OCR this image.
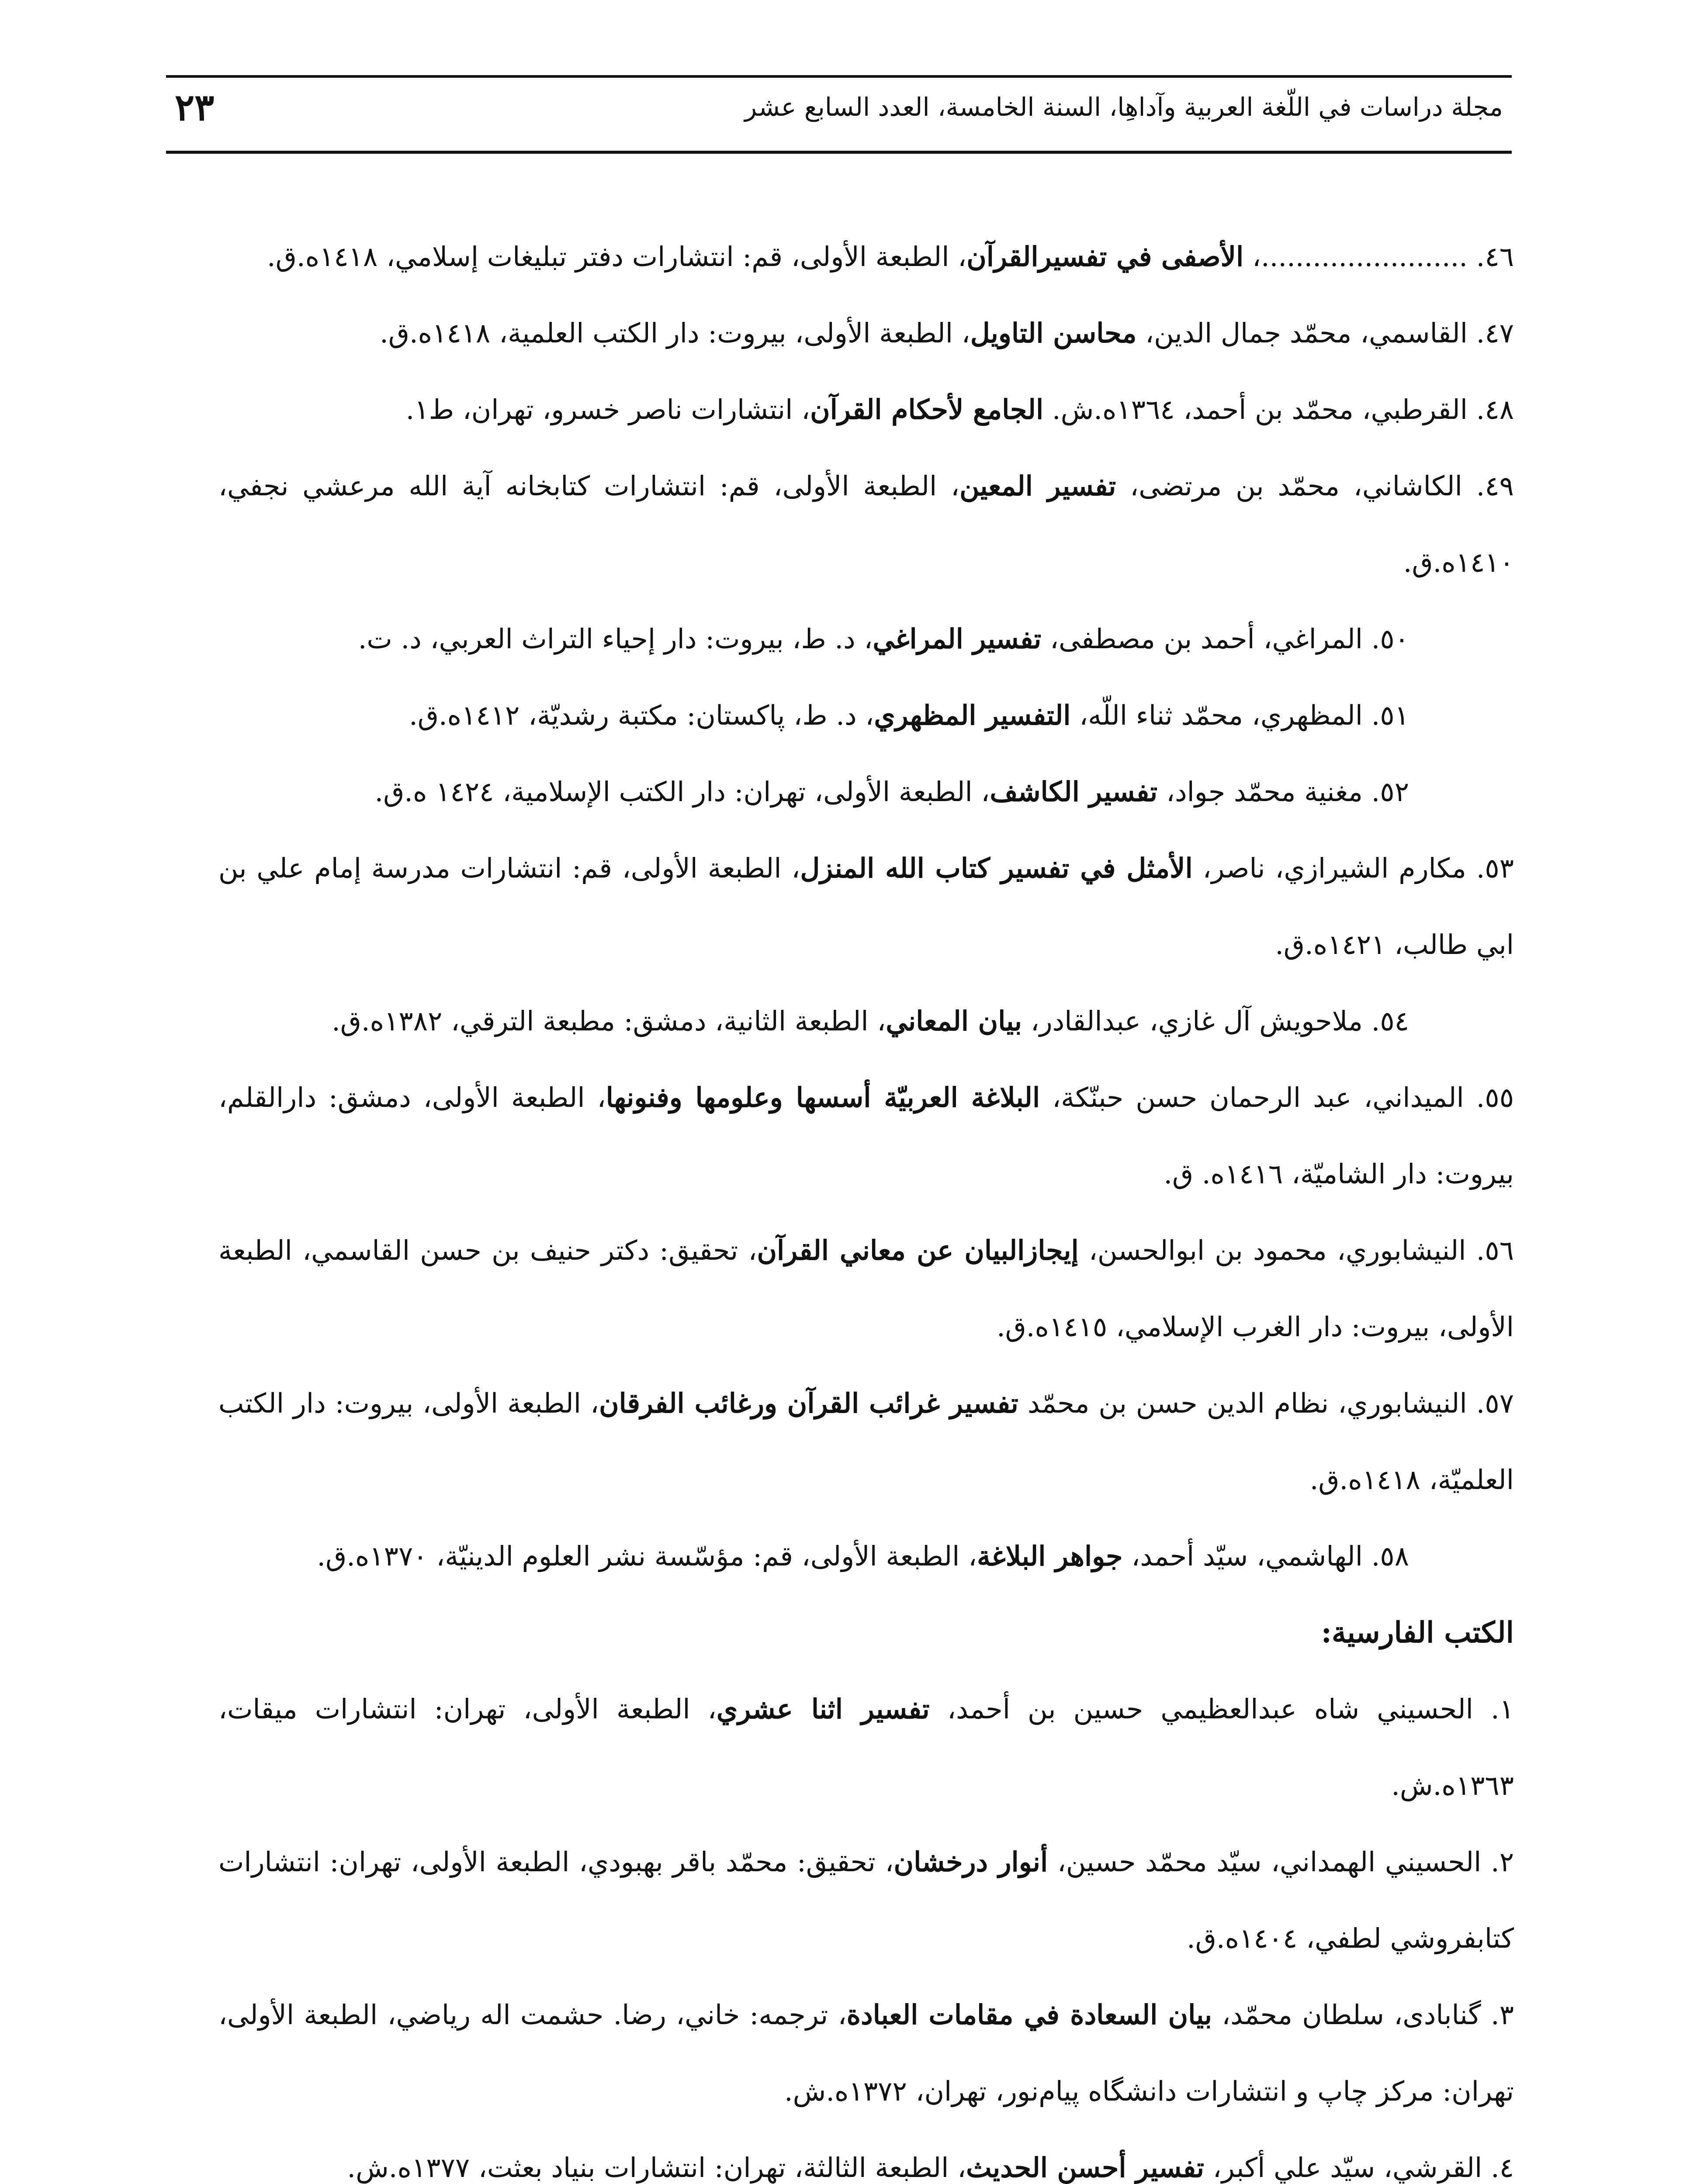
٢٣	مجلة دراسات في اللّغة العربية وآداهِا، السنة الخامسة، العدد السابع عشر
٤٦. ........................، الأصفى في تفسيرالقرآن، الطبعة الأولى، قم: انتشارات دفتر تبليغات إسلامي، ١٤١٨ه.ق.
٤٧. القاسمي، محمّد جمال الدين، محاسن التاويل، الطبعة الأولى، بيروت: دار الكتب العلمية، ١٤١٨ه.ق.
٤٨. القرطبي، محمّد بن أحمد، ١٣٦٤ه.ش. الجامع لأحكام القرآن، انتشارات ناصر خسرو، تهران، ط١.
٤٩. الكاشاني، محمّد بن مرتضى، تفسير المعين، الطبعة الأولى، قم: انتشارات كتابخانه آية الله مرعشي نجفي، ١٤١٠ه.ق.
٥٠. المراغي، أحمد بن مصطفى، تفسير المراغي، د. ط، بيروت: دار إحياء التراث العربي، د. ت.
٥١. المظهري، محمّد ثناء اللّه، التفسير المظهري، د. ط، پاكستان: مكتبة رشديّة، ١٤١٢ه.ق.
٥٢. مغنية محمّد جواد، تفسير الكاشف، الطبعة الأولى، تهران: دار الكتب الإسلامية، ١٤٢٤ ه.ق.
٥٣. مكارم الشيرازي، ناصر، الأمثل في تفسير كتاب الله المنزل، الطبعة الأولى، قم: انتشارات مدرسة إمام علي بن ابي طالب، ١٤٢١ه.ق.
٥٤. ملاحويش آل غازي، عبدالقادر، بيان المعاني، الطبعة الثانية، دمشق: مطبعة الترقي، ١٣٨٢ه.ق.
٥٥. الميداني، عبد الرحمان حسن حبنّكة، البلاغة العربيّة أسسها وعلومها وفنونها، الطبعة الأولى، دمشق: دارالقلم، بيروت: دار الشاميّة، ١٤١٦ه. ق.
٥٦. النيشابوري، محمود بن ابوالحسن، إيجازالبيان عن معاني القرآن، تحقيق: دكتر حنيف بن حسن القاسمي، الطبعة الأولى، بيروت: دار الغرب الإسلامي، ١٤١٥ه.ق.
٥٧. النيشابوري، نظام الدين حسن بن محمّد تفسير غرائب القرآن ورغائب الفرقان، الطبعة الأولى، بيروت: دار الكتب العلميّة، ١٤١٨ه.ق.
٥٨. الهاشمي، سيّد أحمد، جواهر البلاغة، الطبعة الأولى، قم: مؤسّسة نشر العلوم الدينيّة، ١٣٧٠ه.ق.
الكتب الفارسية:
١. الحسيني شاه عبدالعظيمي حسين بن أحمد، تفسير اثنا عشري، الطبعة الأولى، تهران: انتشارات ميقات، ١٣٦٣ه.ش.
٢. الحسيني الهمداني، سيّد محمّد حسين، أنوار درخشان، تحقيق: محمّد باقر بهبودي، الطبعة الأولى، تهران: انتشارات كتابفروشي لطفي، ١٤٠٤ه.ق.
٣. گنابادى، سلطان محمّد، بيان السعادة في مقامات العبادة، ترجمه: خاني، رضا. حشمت اله رياضي، الطبعة الأولى، تهران: مركز چاپ و انتشارات دانشگاه پيام‌نور، تهران، ١٣٧٢ه.ش.
٤. القرشي، سيّد علي أكبر، تفسير أحسن الحديث، الطبعة الثالثة، تهران: انتشارات بنياد بعثت، ١٣٧٧ه.ش.
